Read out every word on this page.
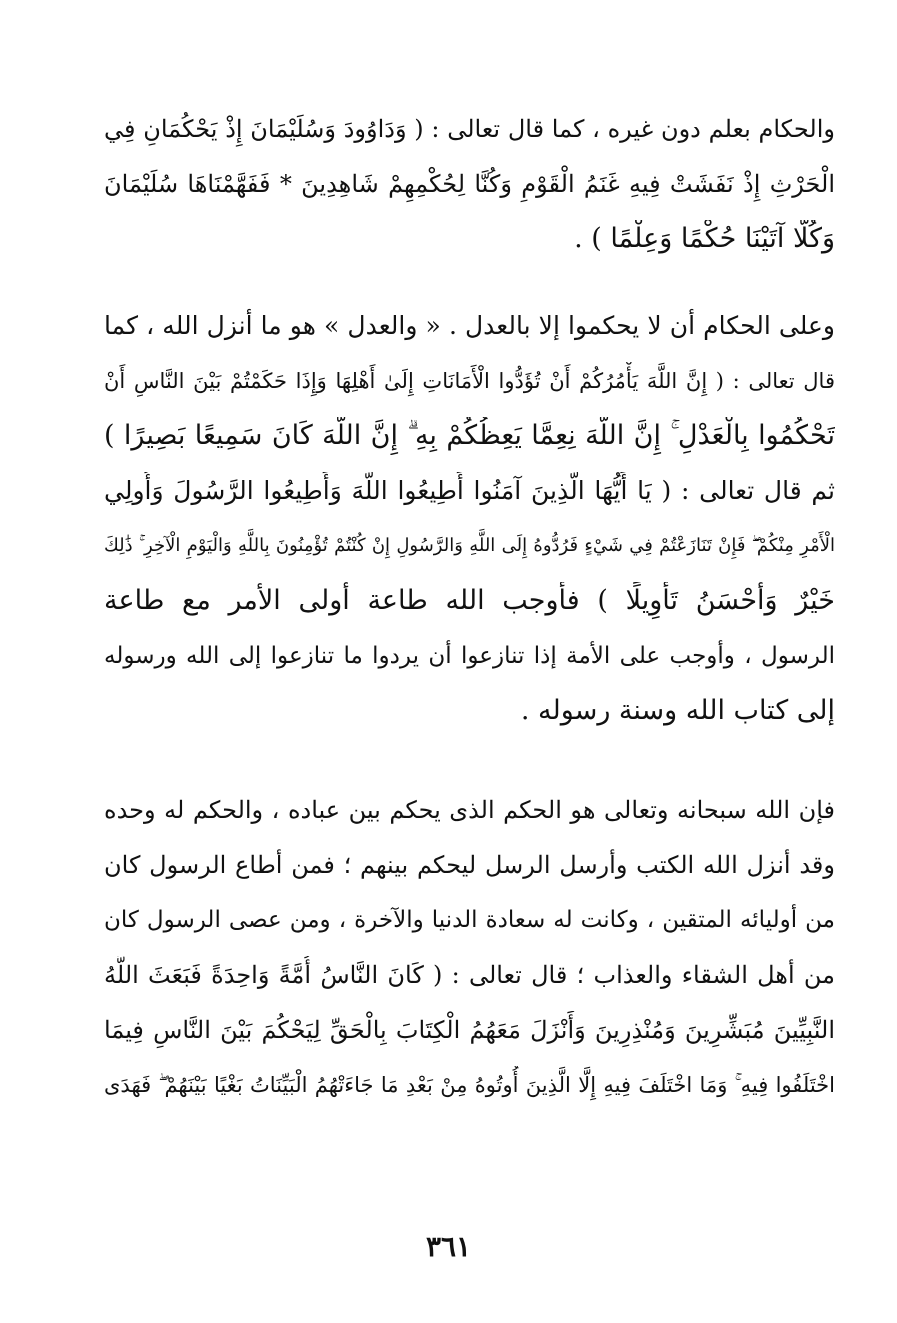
والحكام بعلم دون غيره ، كما قال تعالى : ( وَدَاوُودَ وَسُلَيْمَانَ إِذْ يَحْكُمَانِ فِي
الْحَرْثِ إِذْ نَفَشَتْ فِيهِ غَنَمُ الْقَوْمِ وَكُنَّا لِحُكْمِهِمْ شَاهِدِينَ * فَفَهَّمْنَاهَا سُلَيْمَانَ
وَكُلًّا آتَيْنَا حُكْمًا وَعِلْمًا ) .
وعلى الحكام أن لا يحكموا إلا بالعدل . « والعدل » هو ما أنزل الله ، كما
قال تعالى : ( إِنَّ اللَّهَ يَأْمُرُكُمْ أَنْ تُؤَدُّوا الْأَمَانَاتِ إِلَىٰ أَهْلِهَا وَإِذَا حَكَمْتُمْ بَيْنَ النَّاسِ أَنْ
تَحْكُمُوا بِالْعَدْلِ ۚ إِنَّ اللَّهَ نِعِمَّا يَعِظُكُمْ بِهِ ۗ إِنَّ اللَّهَ كَانَ سَمِيعًا بَصِيرًا )
ثم قال تعالى : ( يَا أَيُّهَا الَّذِينَ آمَنُوا أَطِيعُوا اللَّهَ وَأَطِيعُوا الرَّسُولَ وَأُولِي
الْأَمْرِ مِنْكُمْ ۖ فَإِنْ تَنَازَعْتُمْ فِي شَيْءٍ فَرُدُّوهُ إِلَى اللَّهِ وَالرَّسُولِ إِنْ كُنْتُمْ تُؤْمِنُونَ بِاللَّهِ وَالْيَوْمِ الْآخِرِ ۚ ذَٰلِكَ
خَيْرٌ وَأَحْسَنُ تَأْوِيلًا ) فأوجب الله طاعة أولى الأمر مع طاعة
الرسول ، وأوجب على الأمة إذا تنازعوا أن يردوا ما تنازعوا إلى الله ورسوله
إلى كتاب الله وسنة رسوله .
فإن الله سبحانه وتعالى هو الحكم الذى يحكم بين عباده ، والحكم له وحده
وقد أنزل الله الكتب وأرسل الرسل ليحكم بينهم ؛ فمن أطاع الرسول كان
من أوليائه المتقين ، وكانت له سعادة الدنيا والآخرة ، ومن عصى الرسول كان
من أهل الشقاء والعذاب ؛ قال تعالى : ( كَانَ النَّاسُ أُمَّةً وَاحِدَةً فَبَعَثَ اللَّهُ
النَّبِيِّينَ مُبَشِّرِينَ وَمُنْذِرِينَ وَأَنْزَلَ مَعَهُمُ الْكِتَابَ بِالْحَقِّ لِيَحْكُمَ بَيْنَ النَّاسِ فِيمَا
اخْتَلَفُوا فِيهِ ۚ وَمَا اخْتَلَفَ فِيهِ إِلَّا الَّذِينَ أُوتُوهُ مِنْ بَعْدِ مَا جَاءَتْهُمُ الْبَيِّنَاتُ بَغْيًا بَيْنَهُمْ ۖ فَهَدَى
٣٦١
